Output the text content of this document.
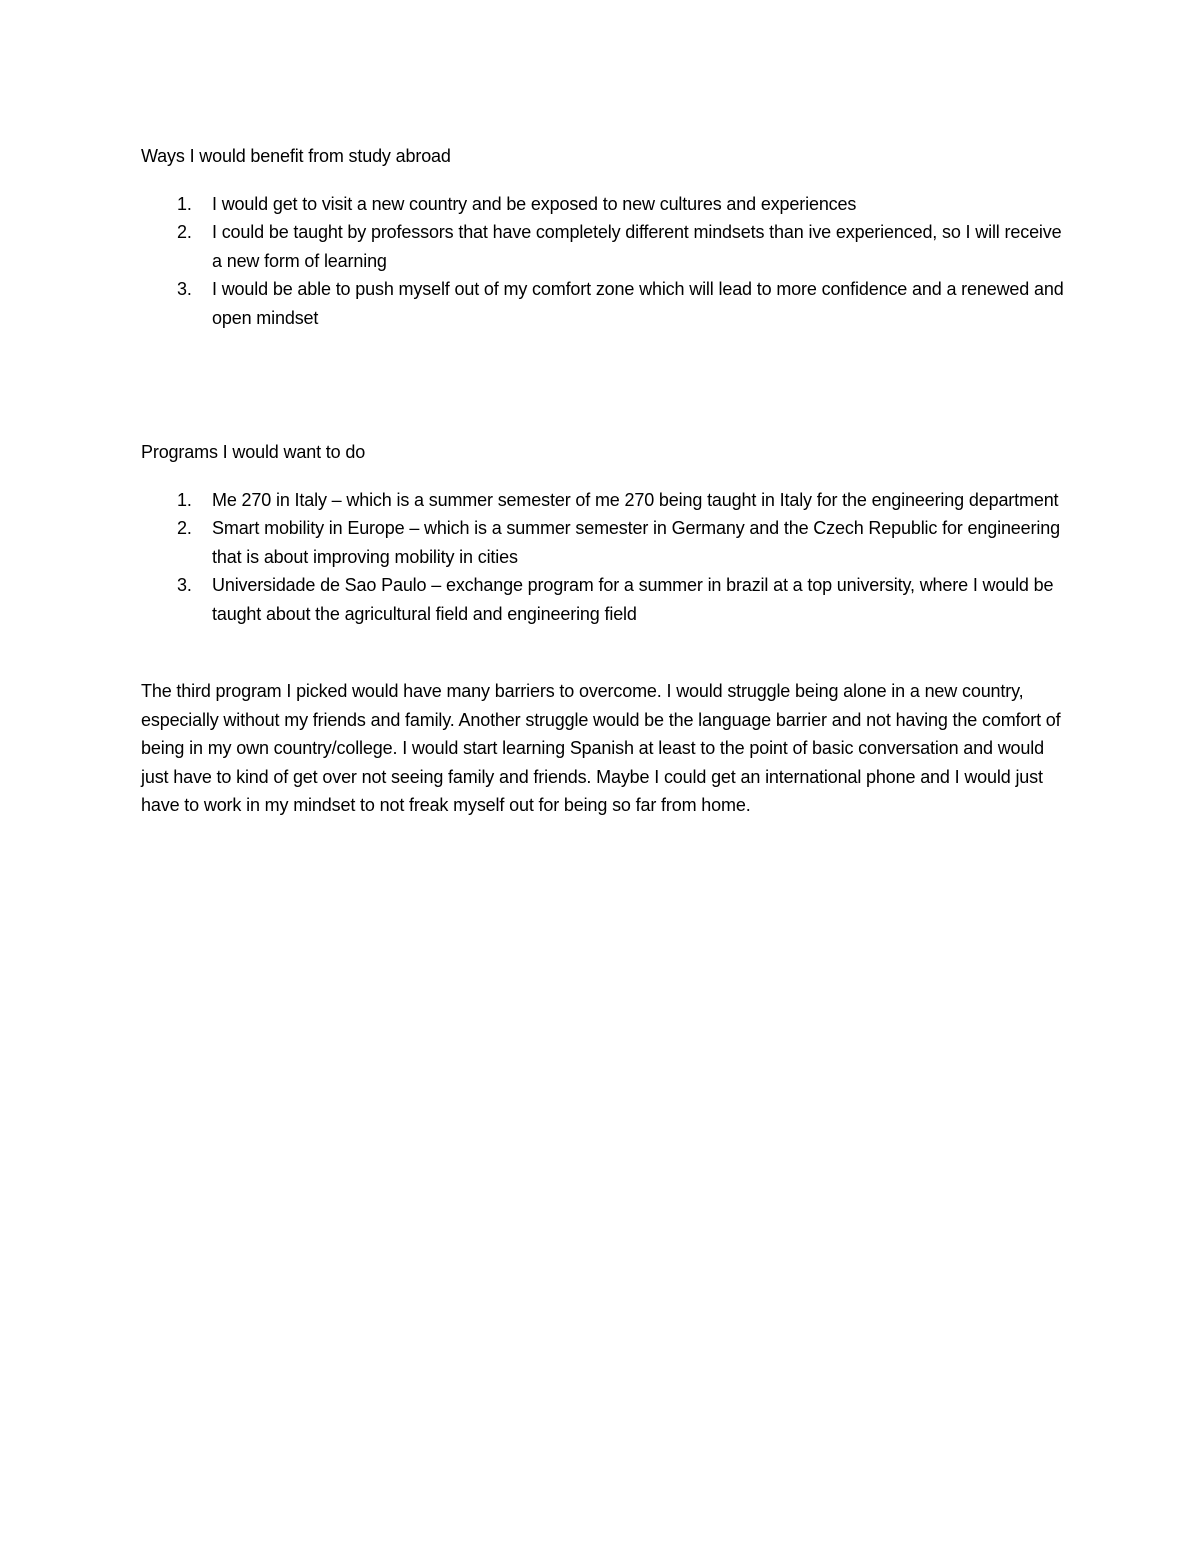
Ways I would benefit from study abroad

1. I would get to visit a new country and be exposed to new cultures and experiences
2. I could be taught by professors that have completely different mindsets than ive experienced, so I will receive a new form of learning
3. I would be able to push myself out of my comfort zone which will lead to more confidence and a renewed and open mindset

Programs I would want to do

1. Me 270 in Italy – which is a summer semester of me 270 being taught in Italy for the engineering department
2. Smart mobility in Europe – which is a summer semester in Germany and the Czech Republic for engineering that is about improving mobility in cities
3. Universidade de Sao Paulo – exchange program for a summer in brazil at a top university, where I would be taught about the agricultural field and engineering field

The third program I picked would have many barriers to overcome. I would struggle being alone in a new country, especially without my friends and family. Another struggle would be the language barrier and not having the comfort of being in my own country/college. I would start learning Spanish at least to the point of basic conversation and would just have to kind of get over not seeing family and friends. Maybe I could get an international phone and I would just have to work in my mindset to not freak myself out for being so far from home.
